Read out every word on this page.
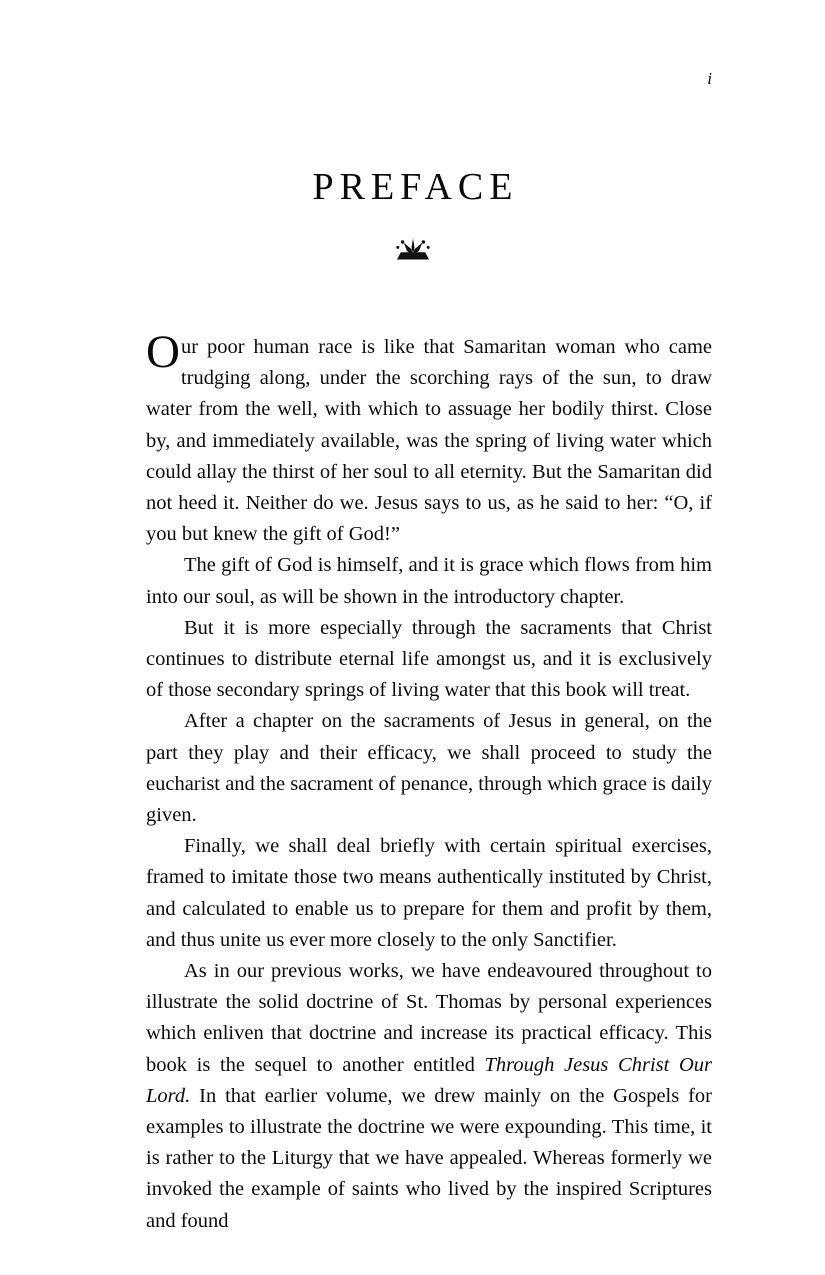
i
PREFACE

Our poor human race is like that Samaritan woman who came trudging along, under the scorching rays of the sun, to draw water from the well, with which to assuage her bodily thirst. Close by, and immediately available, was the spring of living water which could allay the thirst of her soul to all eternity. But the Samaritan did not heed it. Neither do we. Jesus says to us, as he said to her: “O, if you but knew the gift of God!”

The gift of God is himself, and it is grace which flows from him into our soul, as will be shown in the introductory chapter.

But it is more especially through the sacraments that Christ continues to distribute eternal life amongst us, and it is exclusively of those secondary springs of living water that this book will treat.

After a chapter on the sacraments of Jesus in general, on the part they play and their efficacy, we shall proceed to study the eucharist and the sacrament of penance, through which grace is daily given.

Finally, we shall deal briefly with certain spiritual exercises, framed to imitate those two means authentically instituted by Christ, and calculated to enable us to prepare for them and profit by them, and thus unite us ever more closely to the only Sanctifier.

As in our previous works, we have endeavoured throughout to illustrate the solid doctrine of St. Thomas by personal experiences which enliven that doctrine and increase its practical efficacy. This book is the sequel to another entitled Through Jesus Christ Our Lord. In that earlier volume, we drew mainly on the Gospels for examples to illustrate the doctrine we were expounding. This time, it is rather to the Liturgy that we have appealed. Whereas formerly we invoked the example of saints who lived by the inspired Scriptures and found
